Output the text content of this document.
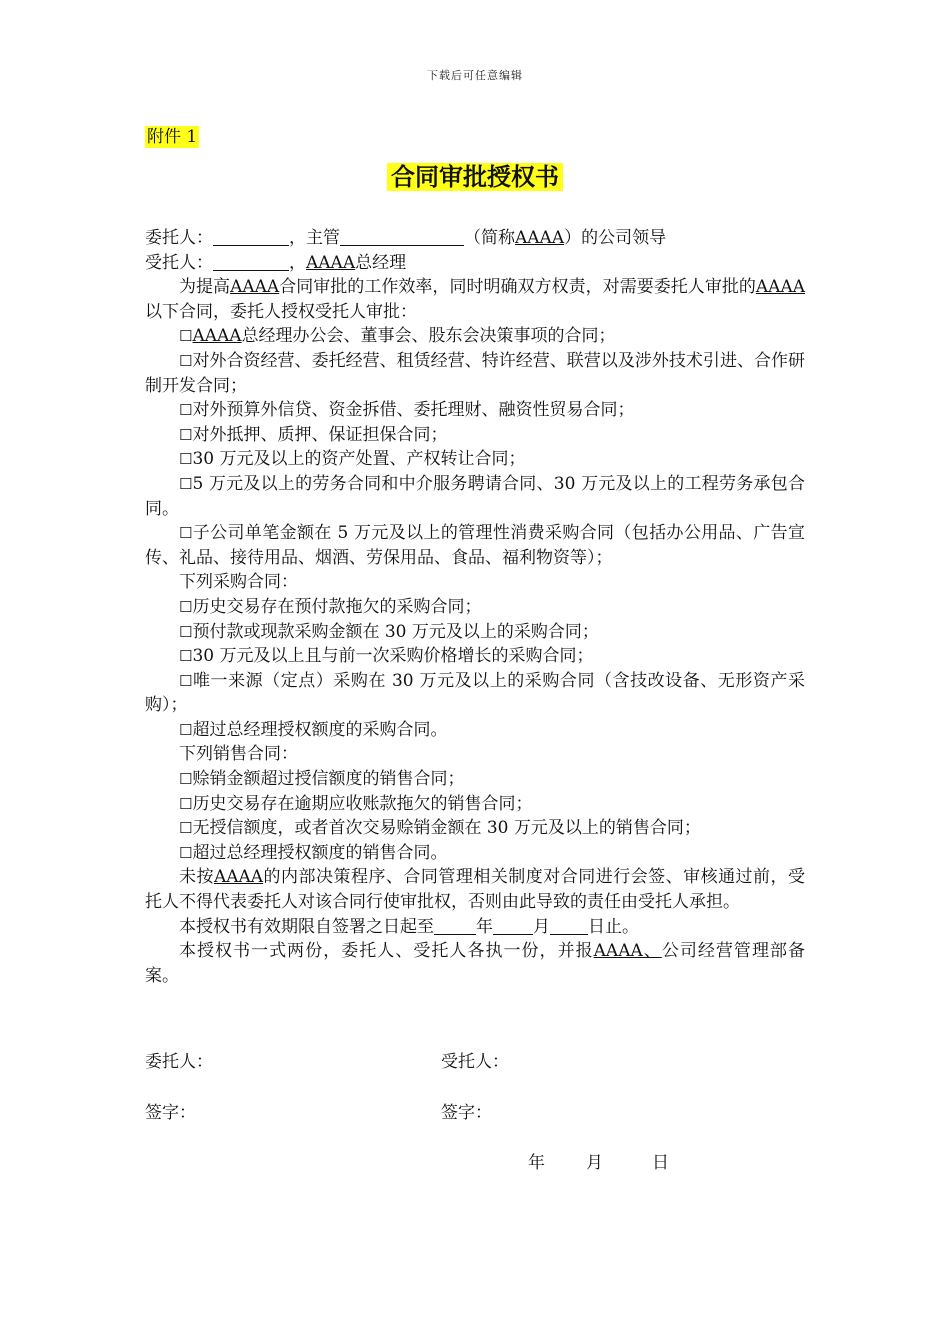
下载后可任意编辑
附件 1
合同审批授权书
委托人：	，主管	（简称AAAA）的公司领导
受托人：	，AAAA总经理
为提高AAAA合同审批的工作效率，同时明确双方权责，对需要委托人审批的AAAA以下合同，委托人授权受托人审批：
☐AAAA总经理办公会、董事会、股东会决策事项的合同；
☐对外合资经营、委托经营、租赁经营、特许经营、联营以及涉外技术引进、合作研制开发合同；
☐对外预算外信贷、资金拆借、委托理财、融资性贸易合同；
☐对外抵押、质押、保证担保合同；
☐30 万元及以上的资产处置、产权转让合同；
☐5 万元及以上的劳务合同和中介服务聘请合同、30 万元及以上的工程劳务承包合同。
☐子公司单笔金额在 5 万元及以上的管理性消费采购合同（包括办公用品、广告宣传、礼品、接待用品、烟酒、劳保用品、食品、福利物资等）；
下列采购合同：
☐历史交易存在预付款拖欠的采购合同；
☐预付款或现款采购金额在 30 万元及以上的采购合同；
☐30 万元及以上且与前一次采购价格增长的采购合同；
☐唯一来源（定点）采购在 30 万元及以上的采购合同（含技改设备、无形资产采购）；
☐超过总经理授权额度的采购合同。
下列销售合同：
☐赊销金额超过授信额度的销售合同；
☐历史交易存在逾期应收账款拖欠的销售合同；
☐无授信额度，或者首次交易赊销金额在 30 万元及以上的销售合同；
☐超过总经理授权额度的销售合同。
未按AAAA的内部决策程序、合同管理相关制度对合同进行会签、审核通过前，受托人不得代表委托人对该合同行使审批权，否则由此导致的责任由受托人承担。
本授权书有效期限自签署之日起至 年 月 日止。
本授权书一式两份，委托人、受托人各执一份，并报AAAA、公司经营管理部备案。
委托人：	受托人：
签字：	签字：
年 月	日
